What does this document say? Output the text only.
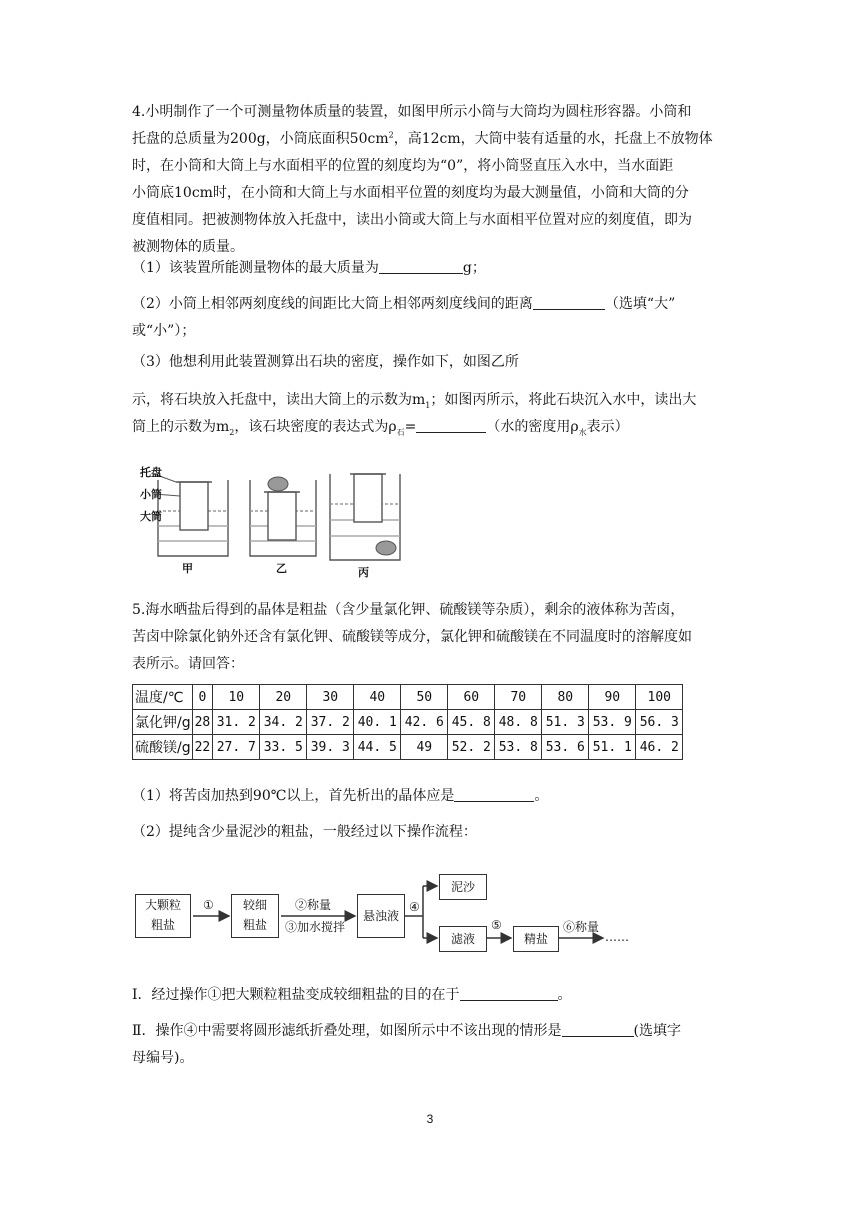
4.小明制作了一个可测量物体质量的装置，如图甲所示小筒与大筒均为圆柱形容器。小筒和
托盘的总质量为200g，小筒底面积$50cm^2$，高12cm，大筒中装有适量的水，托盘上不放物体
时，在小筒和大筒上与水面相平的位置的刻度均为“0”，将小筒竖直压入水中，当水面距
小筒底10cm时，在小筒和大筒上与水面相平位置的刻度均为最大测量值，小筒和大筒的分
度值相同。把被测物体放入托盘中，读出小筒或大筒上与水面相平位置对应的刻度值，即为
被测物体的质量。
（1）该装置所能测量物体的最大质量为	g；
（2）小筒上相邻两刻度线的间距比大筒上相邻两刻度线间的距离	（选填“大”
或“小”）；
（3）他想利用此装置测算出石块的密度，操作如下，如图乙所
示，将石块放入托盘中，读出大筒上的示数为$m_1$；如图丙所示，将此石块沉入水中，读出大
筒上的示数为$m_2$，该石块密度的表达式为$\rho_石=$	（水的密度用$\rho_水$表示）
托盘
小筒
大筒
甲	乙	丙
5.海水晒盐后得到的晶体是粗盐（含少量氯化钾、硫酸镁等杂质），剩余的液体称为苦卤，
苦卤中除氯化钠外还含有氯化钾、硫酸镁等成分，氯化钾和硫酸镁在不同温度时的溶解度如
表所示。请回答：
温度/℃	0	10	20	30	40	50	60	70	80	90	100
氯化钾/g	28	31. 2	34. 2	37. 2	40. 1	42. 6	45. 8	48. 8	51. 3	53. 9	56. 3
硫酸镁/g	22	27. 7	33. 5	39. 3	44. 5	49	52. 2	53. 8	53. 6	51. 1	46. 2
（1）将苦卤加热到90℃以上，首先析出的晶体应是	。
（2）提纯含少量泥沙的粗盐，一般经过以下操作流程：
大颗粒
粗盐
较细
粗盐
悬浊液
泥沙
滤液	精盐
①	②称量
③加水搅拌
④
⑤	⑥称量
……
Ⅰ．经过操作①把大颗粒粗盐变成较细粗盐的目的在于	。
Ⅱ．操作④中需要将圆形滤纸折叠处理，如图所示中不该出现的情形是	(选填字
母编号)。
3
